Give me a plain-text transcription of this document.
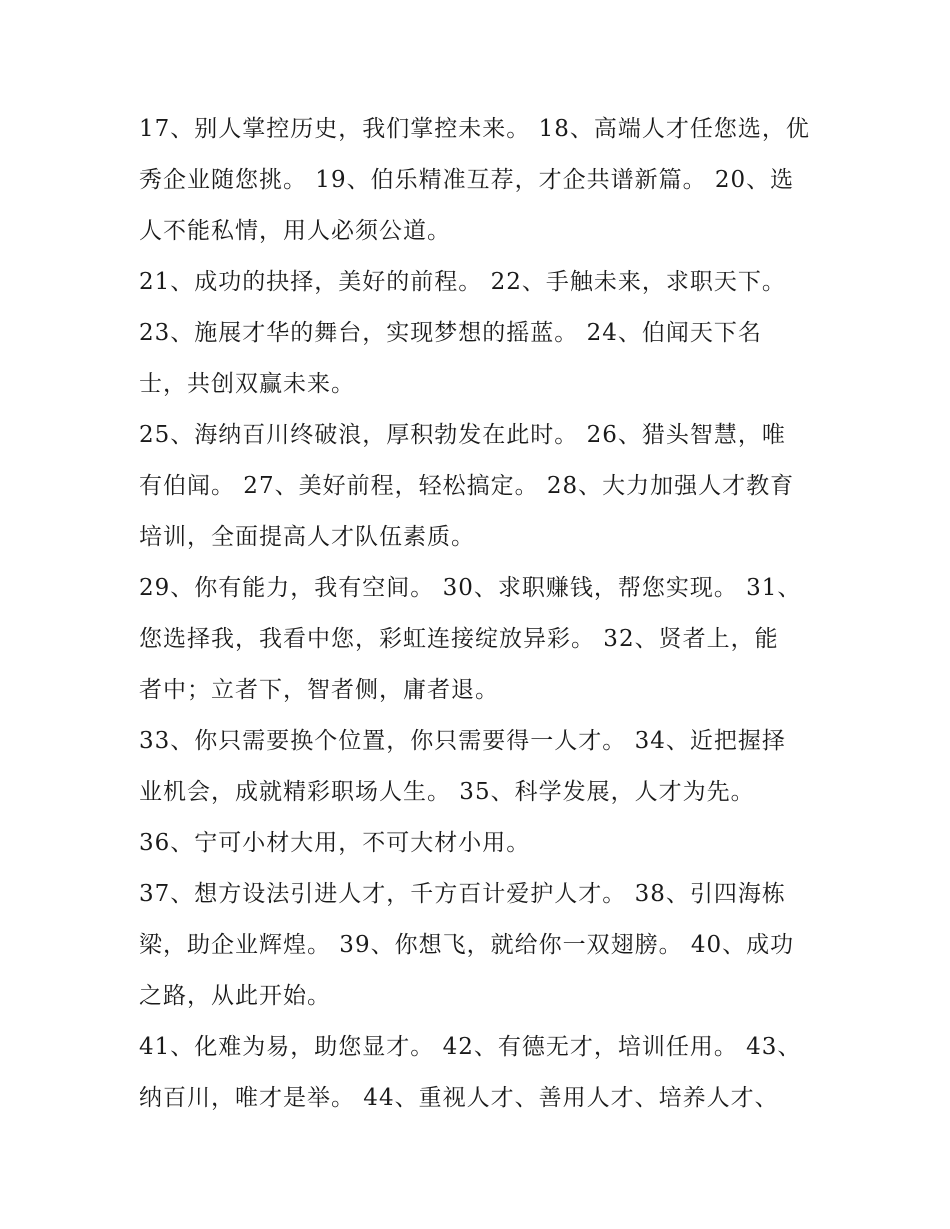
17、别人掌控历史，我们掌控未来。 18、高端人才任您选，优
秀企业随您挑。 19、伯乐精准互荐，才企共谱新篇。 20、选
人不能私情，用人必须公道。
21、成功的抉择，美好的前程。 22、手触未来，求职天下。
23、施展才华的舞台，实现梦想的摇蓝。 24、伯闻天下名
士，共创双赢未来。
25、海纳百川终破浪，厚积勃发在此时。 26、猎头智慧，唯
有伯闻。 27、美好前程，轻松搞定。 28、大力加强人才教育
培训，全面提高人才队伍素质。
29、你有能力，我有空间。 30、求职赚钱，帮您实现。 31、
您选择我，我看中您，彩虹连接绽放异彩。 32、贤者上，能
者中；立者下，智者侧，庸者退。
33、你只需要换个位置，你只需要得一人才。 34、近把握择
业机会，成就精彩职场人生。 35、科学发展，人才为先。
36、宁可小材大用，不可大材小用。
37、想方设法引进人才，千方百计爱护人才。 38、引四海栋
梁，助企业辉煌。 39、你想飞，就给你一双翅膀。 40、成功
之路，从此开始。
41、化难为易，助您显才。 42、有德无才，培训任用。 43、
纳百川，唯才是举。 44、重视人才、善用人才、培养人才、
